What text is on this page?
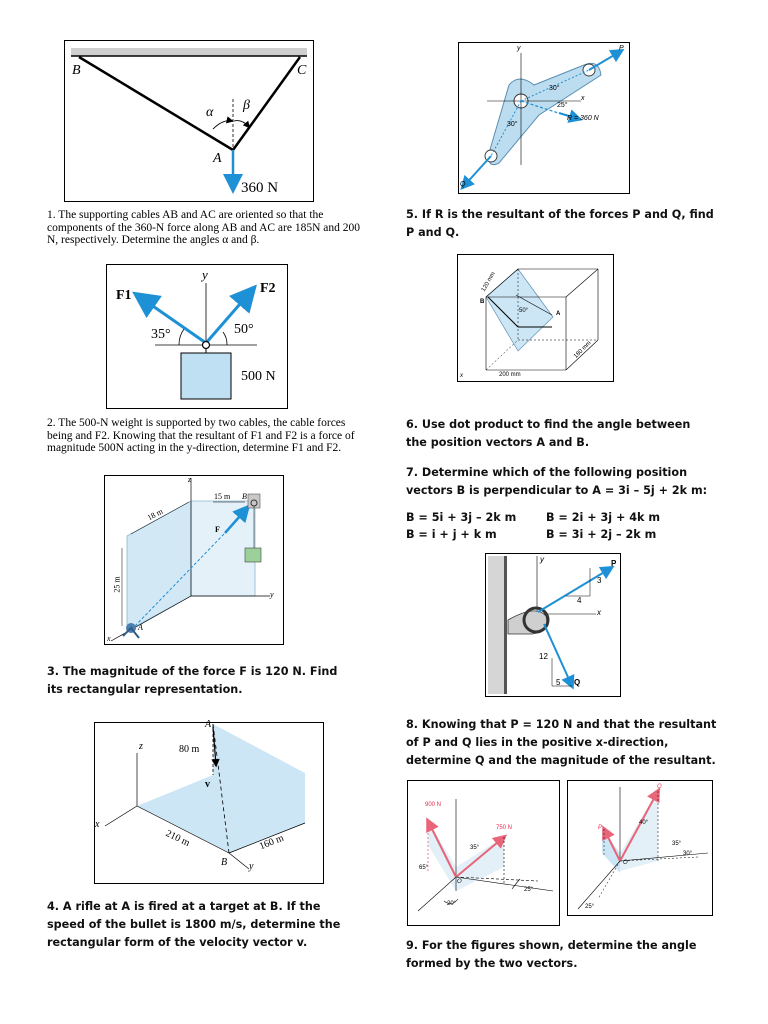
B	C
α β
A
360 N
1. The supporting cables AB and AC are oriented so that the components of the 360-N force along AB and AC are 185N and 200 N, respectively. Determine the angles α and β.
y
F1	F2
35°	50°
500 N
2. The 500-N weight is supported by two cables, the cable forces being and F2. Knowing that the resultant of F1 and F2 is a force of magnitude 500N acting in the y-direction, determine F1 and F2.
z
15 m B
18 m
F
25 m
y
x
A
3. The magnitude of the force F is 120 N. Find its rectangular representation.
A
z	80 m
v
x
210 m	160 m
B y
4. A rifle at A is fired at a target at B. If the speed of the bullet is 1800 m/s, determine the rectangular form of the velocity vector v.
y	P
30°
x
25°
R = 360 N
30°
Q
5. If R is the resultant of the forces P and Q, find P and Q.
120 mm
B
50°	A
180 mm
200 mm
x
6. Use dot product to find the angle between the position vectors A and B.
7. Determine which of the following position vectors B is perpendicular to A = 3i – 5j + 2k m:
B = 5i + 3j – 2k m	B = 2i + 3j + 4k m
B = i + j + k m	B = 3i + 2j – 2k m
y	P
3
4
x
12
5 Q
8. Knowing that P = 120 N and that the resultant of P and Q lies in the positive x-direction, determine Q and the magnitude of the resultant.
900 N
750 N
35°
65°
O
25°
20°
Q
40°
P
35°
30°
O
25°
9. For the figures shown, determine the angle formed by the two vectors.
